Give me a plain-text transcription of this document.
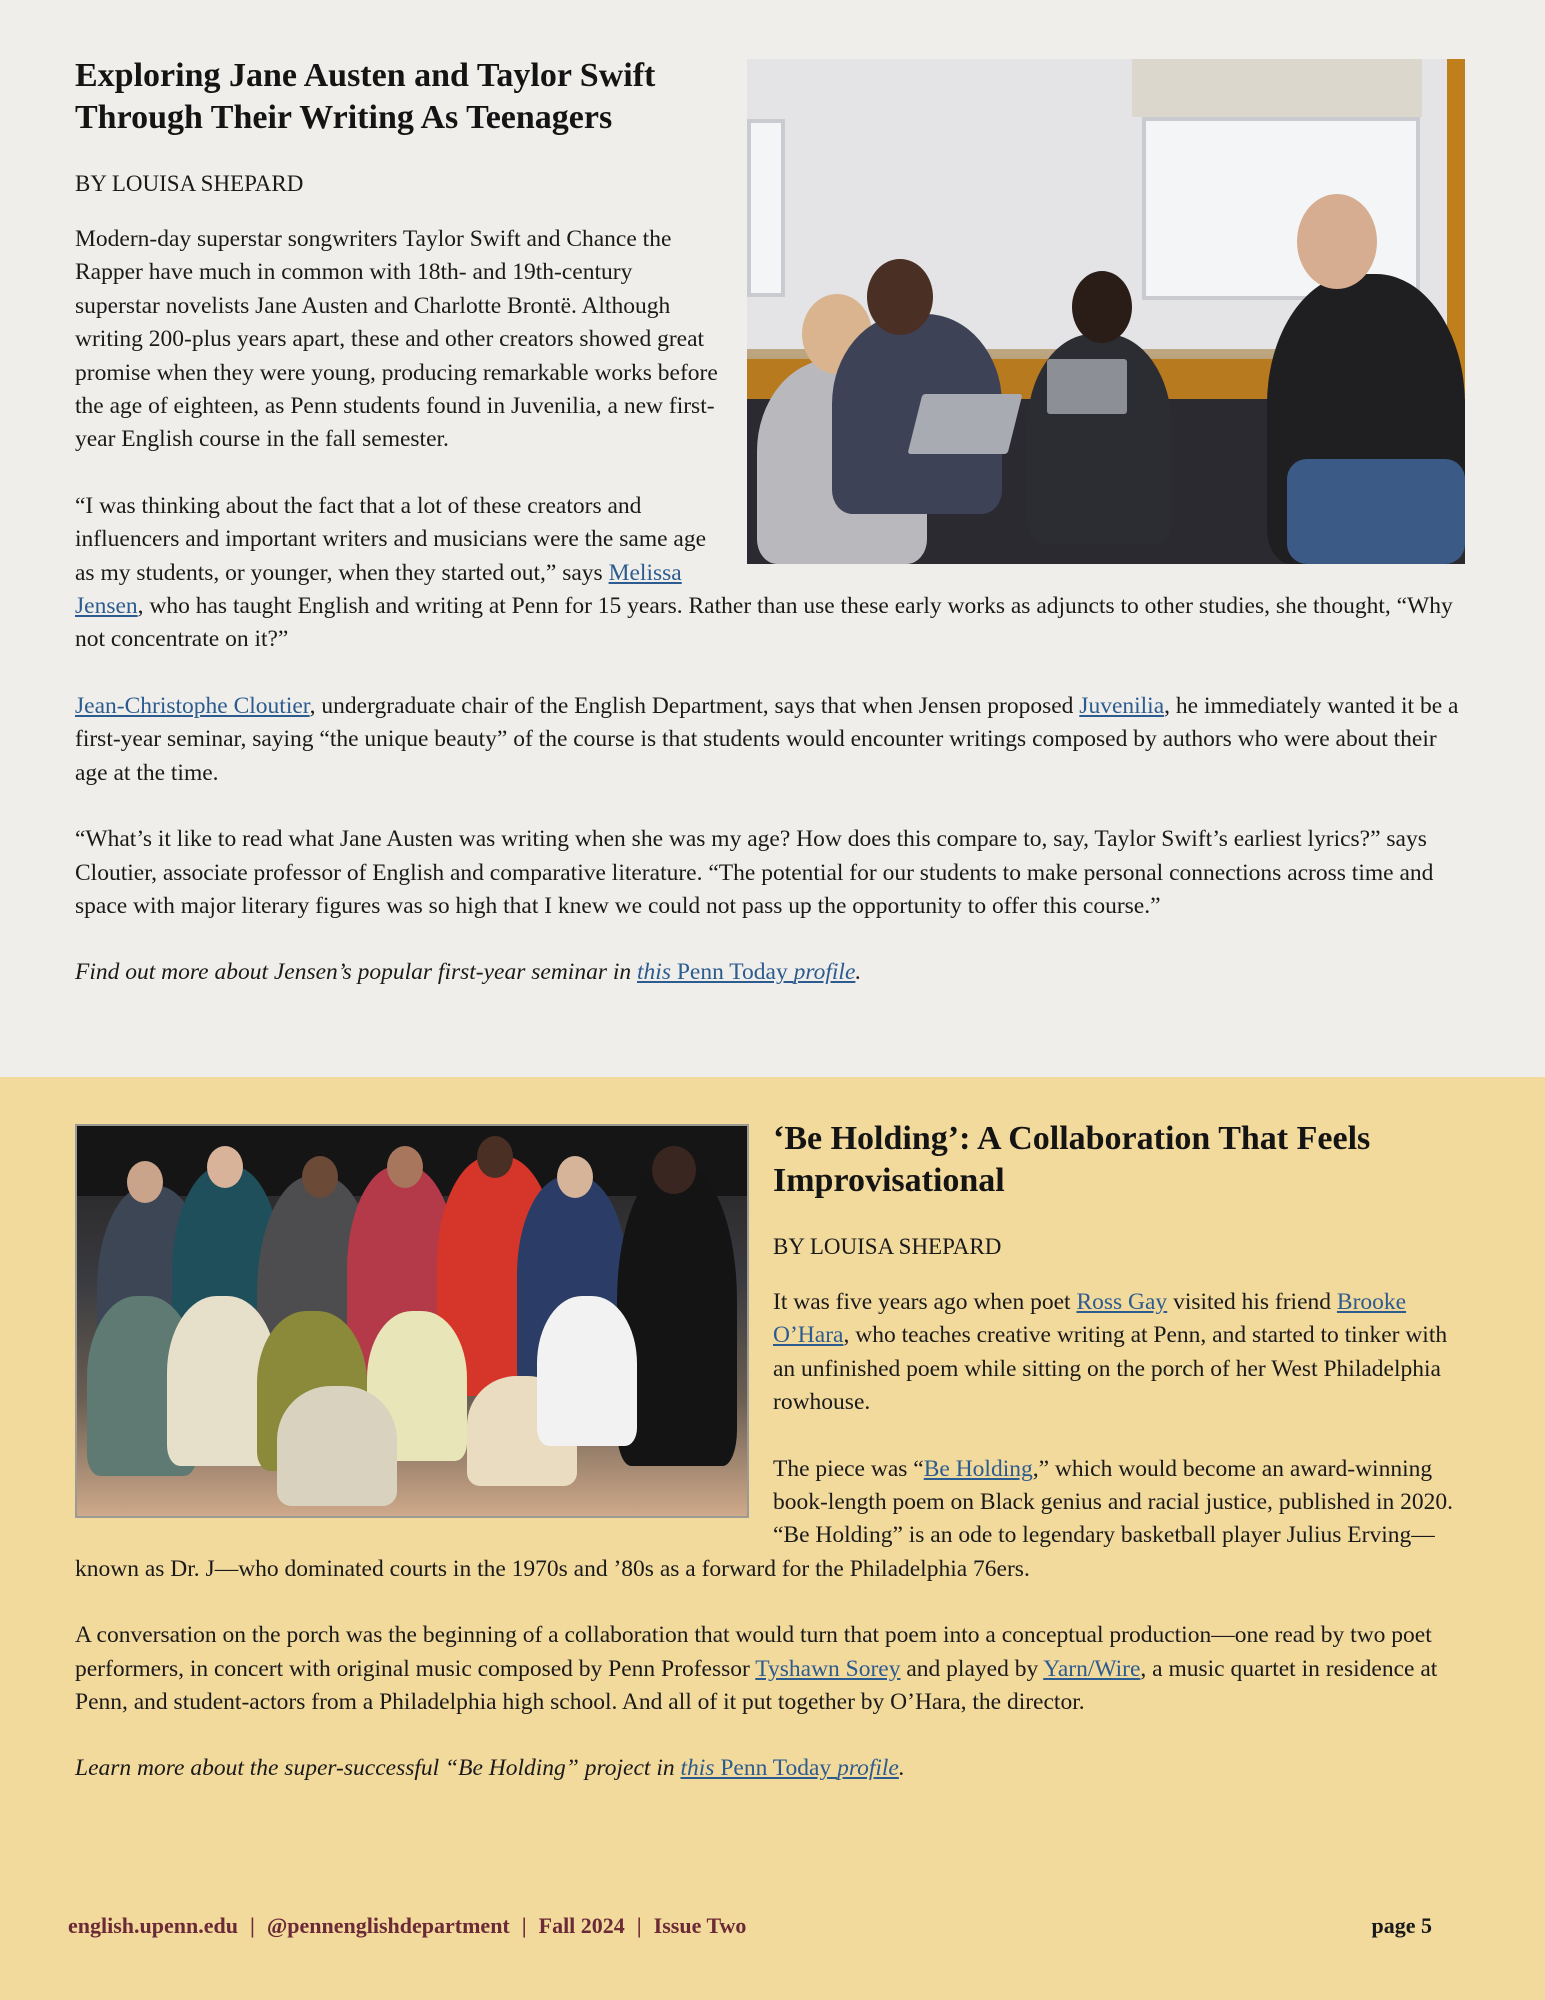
Exploring Jane Austen and Taylor Swift Through Their Writing As Teenagers

BY LOUISA SHEPARD

Modern-day superstar songwriters Taylor Swift and Chance the Rapper have much in common with 18th- and 19th-century superstar novelists Jane Austen and Charlotte Brontë. Although writing 200-plus years apart, these and other creators showed great promise when they were young, producing remarkable works before the age of eighteen, as Penn students found in Juvenilia, a new first-year English course in the fall semester.

“I was thinking about the fact that a lot of these creators and influencers and important writers and musicians were the same age as my students, or younger, when they started out,” says Melissa Jensen, who has taught English and writing at Penn for 15 years. Rather than use these early works as adjuncts to other studies, she thought, “Why not concentrate on it?”

Jean-Christophe Cloutier, undergraduate chair of the English Department, says that when Jensen proposed Juvenilia, he immediately wanted it be a first-year seminar, saying “the unique beauty” of the course is that students would encounter writings composed by authors who were about their age at the time.

“What’s it like to read what Jane Austen was writing when she was my age? How does this compare to, say, Taylor Swift’s earliest lyrics?” says Cloutier, associate professor of English and comparative literature. “The potential for our students to make personal connections across time and space with major literary figures was so high that I knew we could not pass up the opportunity to offer this course.”

Find out more about Jensen’s popular first-year seminar in this Penn Today profile.

‘Be Holding’: A Collaboration That Feels Improvisational

BY LOUISA SHEPARD

It was five years ago when poet Ross Gay visited his friend Brooke O’Hara, who teaches creative writing at Penn, and started to tinker with an unfinished poem while sitting on the porch of her West Philadelphia rowhouse.

The piece was “Be Holding,” which would become an award-winning book-length poem on Black genius and racial justice, published in 2020. “Be Holding” is an ode to legendary basketball player Julius Erving—known as Dr. J—who dominated courts in the 1970s and ’80s as a forward for the Philadelphia 76ers.

A conversation on the porch was the beginning of a collaboration that would turn that poem into a conceptual production—one read by two poet performers, in concert with original music composed by Penn Professor Tyshawn Sorey and played by Yarn/Wire, a music quartet in residence at Penn, and student-actors from a Philadelphia high school. And all of it put together by O’Hara, the director.

Learn more about the super-successful “Be Holding” project in this Penn Today profile.

english.upenn.edu | @pennenglishdepartment | Fall 2024 | Issue Two	page 5
